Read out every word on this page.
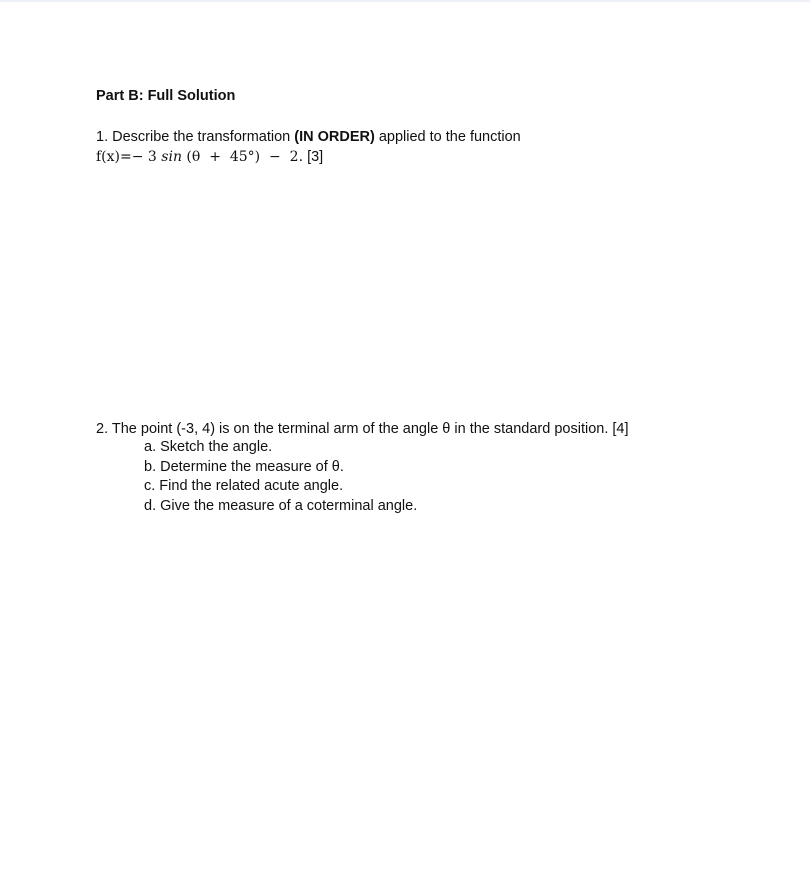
Part B: Full Solution
1. Describe the transformation (IN ORDER) applied to the function
f(x)=− 3 sin (θ  +  45°)  −  2. [3]
2. The point (-3, 4) is on the terminal arm of the angle θ in the standard position. [4]
a. Sketch the angle.
b. Determine the measure of θ.
c. Find the related acute angle.
d. Give the measure of a coterminal angle.
